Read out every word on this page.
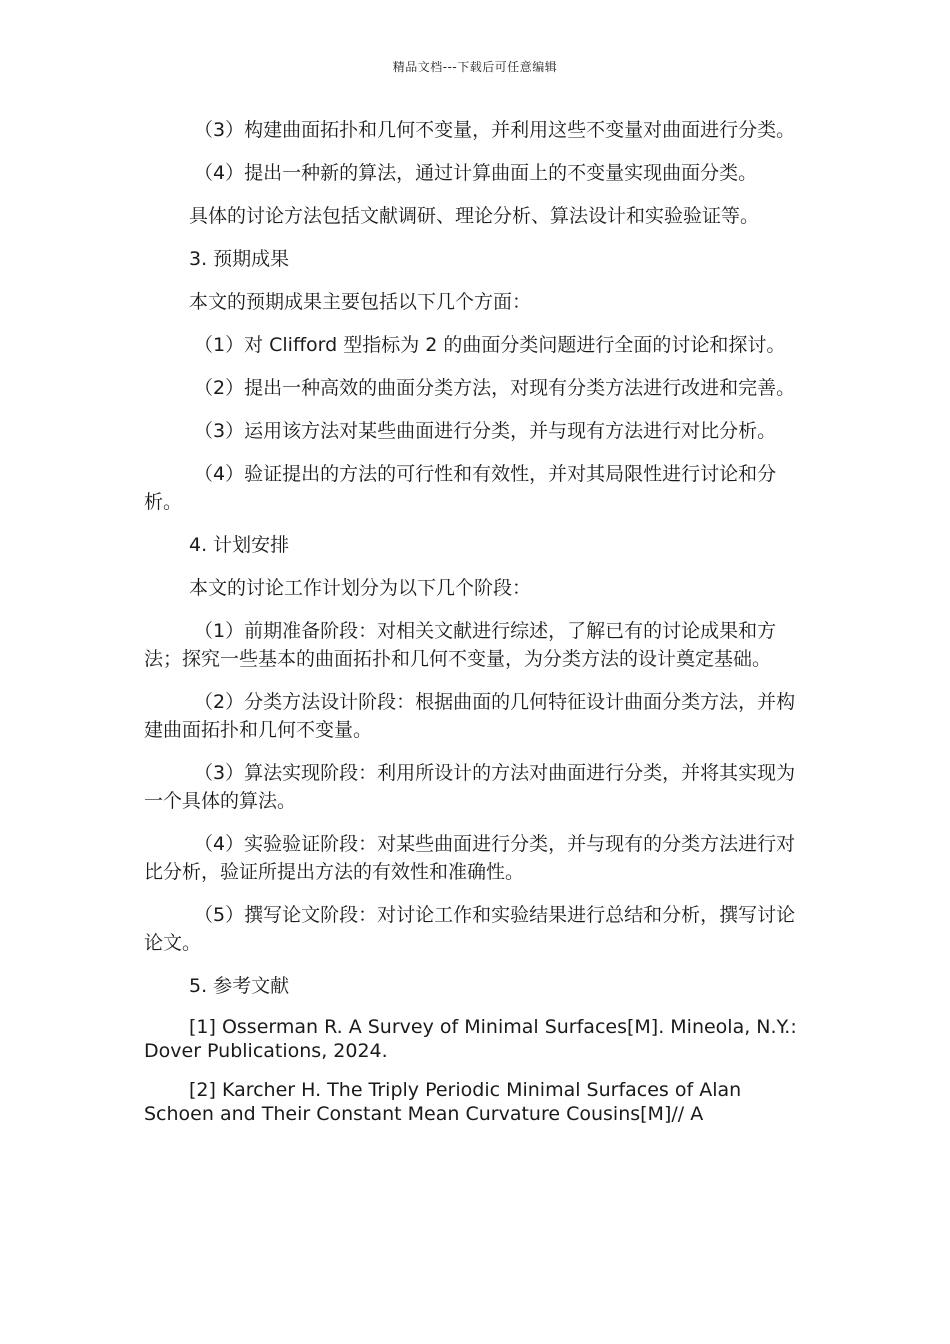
精品文档---下载后可任意编辑

（3）构建曲面拓扑和几何不变量，并利用这些不变量对曲面进行分类。

（4）提出一种新的算法，通过计算曲面上的不变量实现曲面分类。

具体的讨论方法包括文献调研、理论分析、算法设计和实验验证等。

3. 预期成果

本文的预期成果主要包括以下几个方面：

（1）对 Clifford 型指标为 2 的曲面分类问题进行全面的讨论和探讨。

（2）提出一种高效的曲面分类方法，对现有分类方法进行改进和完善。

（3）运用该方法对某些曲面进行分类，并与现有方法进行对比分析。

（4）验证提出的方法的可行性和有效性，并对其局限性进行讨论和分析。

4. 计划安排

本文的讨论工作计划分为以下几个阶段：

（1）前期准备阶段：对相关文献进行综述，了解已有的讨论成果和方法；探究一些基本的曲面拓扑和几何不变量，为分类方法的设计奠定基础。

（2）分类方法设计阶段：根据曲面的几何特征设计曲面分类方法，并构建曲面拓扑和几何不变量。

（3）算法实现阶段：利用所设计的方法对曲面进行分类，并将其实现为一个具体的算法。

（4）实验验证阶段：对某些曲面进行分类，并与现有的分类方法进行对比分析，验证所提出方法的有效性和准确性。

（5）撰写论文阶段：对讨论工作和实验结果进行总结和分析，撰写讨论论文。

5. 参考文献

[1] Osserman R. A Survey of Minimal Surfaces[M]. Mineola, N.Y.: Dover Publications, 2024.

[2] Karcher H. The Triply Periodic Minimal Surfaces of Alan Schoen and Their Constant Mean Curvature Cousins[M]// A
